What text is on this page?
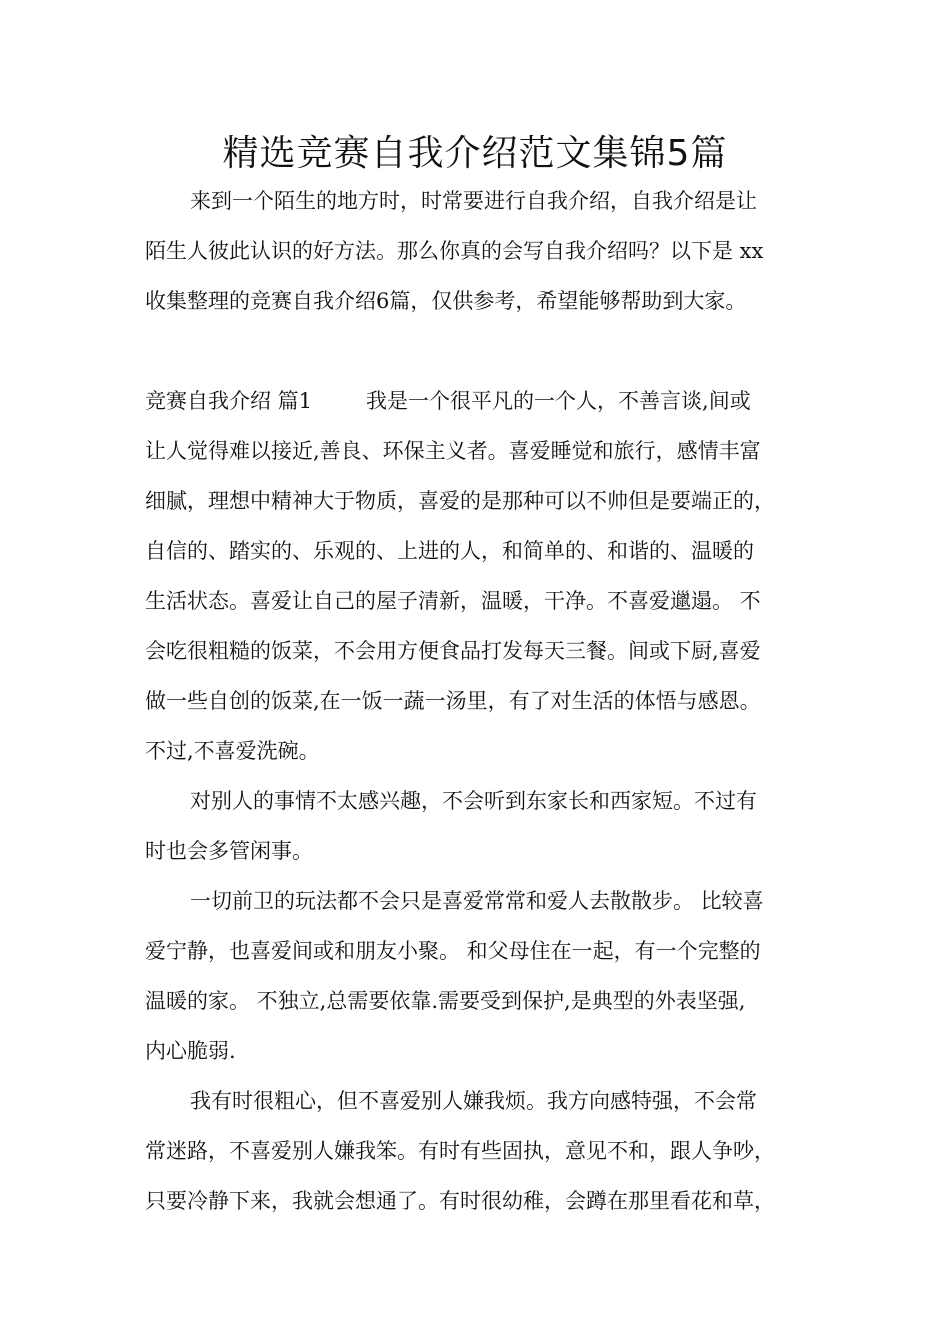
精选竞赛自我介绍范文集锦5篇
来到一个陌生的地方时，时常要进行自我介绍，自我介绍是让
陌生人彼此认识的好方法。那么你真的会写自我介绍吗？以下是 xx
收集整理的竞赛自我介绍6篇，仅供参考，希望能够帮助到大家。
竞赛自我介绍 篇1	我是一个很平凡的一个人，不善言谈,间或
让人觉得难以接近,善良、环保主义者。喜爱睡觉和旅行，感情丰富
细腻，理想中精神大于物质，喜爱的是那种可以不帅但是要端正的，
自信的、踏实的、乐观的、上进的人，和简单的、和谐的、温暖的
生活状态。喜爱让自己的屋子清新，温暖，干净。不喜爱邋遢。 不
会吃很粗糙的饭菜，不会用方便食品打发每天三餐。间或下厨,喜爱
做一些自创的饭菜,在一饭一蔬一汤里，有了对生活的体悟与感恩。
不过,不喜爱洗碗。
对别人的事情不太感兴趣，不会听到东家长和西家短。不过有
时也会多管闲事。
一切前卫的玩法都不会只是喜爱常常和爱人去散散步。 比较喜
爱宁静，也喜爱间或和朋友小聚。 和父母住在一起，有一个完整的
温暖的家。 不独立,总需要依靠.需要受到保护,是典型的外表坚强,
内心脆弱.
我有时很粗心，但不喜爱别人嫌我烦。我方向感特强，不会常
常迷路，不喜爱别人嫌我笨。有时有些固执，意见不和，跟人争吵，
只要冷静下来，我就会想通了。有时很幼稚，会蹲在那里看花和草，
